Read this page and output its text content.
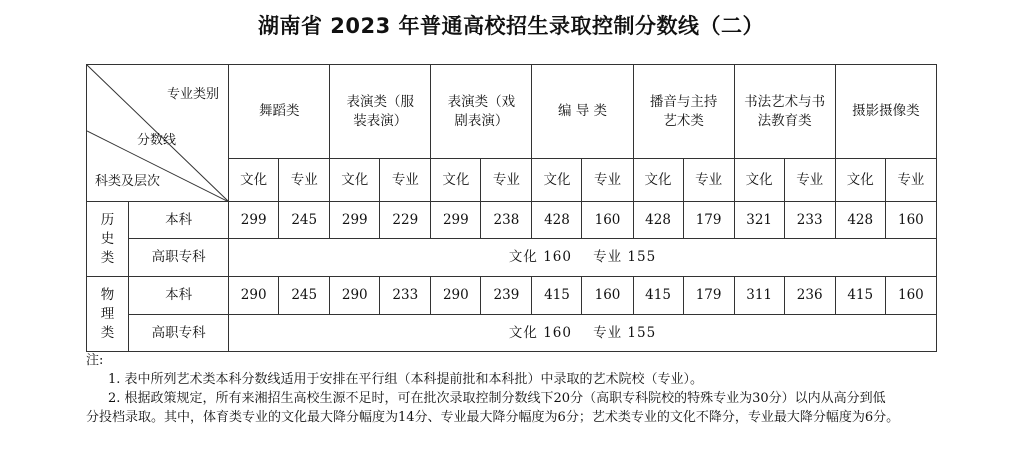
湖南省 2023 年普通高校招生录取控制分数线（二）
专业类别
分数线
科类及层次		舞蹈类		表演类（服装表演）		表演类（戏剧表演）		编 导 类		播音与主持艺术类		书法艺术与书法教育类		摄影摄像类	
		文化	专业	文化	专业	文化	专业	文化	专业	文化	专业	文化	专业	文化	专业

历史类	本科	299	245	299	229	299	238	428	160	428	179	321	233	428	160
	高职专科	文化 160    专业 155													

物理类	本科	290	245	290	233	290	239	415	160	415	179	311	236	415	160
	高职专科	文化 160    专业 155													

注:

1. 表中所列艺术类本科分数线适用于安排在平行组（本科提前批和本科批）中录取的艺术院校（专业）。

2. 根据政策规定，所有来湘招生高校生源不足时，可在批次录取控制分数线下20分（高职专科院校的特殊专业为30分）以内从高分到低

分投档录取。其中，体育类专业的文化最大降分幅度为14分、专业最大降分幅度为6分；艺术类专业的文化不降分，专业最大降分幅度为6分。
